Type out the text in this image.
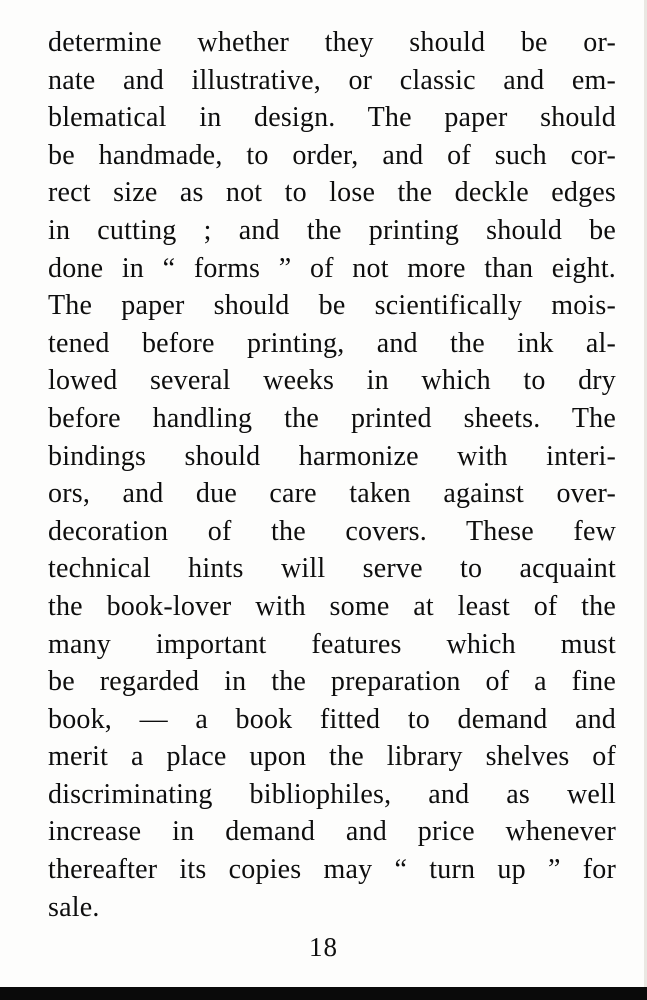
determine whether they should be or-
nate and illustrative, or classic and em-
blematical in design. The paper should
be handmade, to order, and of such cor-
rect size as not to lose the deckle edges
in cutting ; and the printing should be
done in “ forms ” of not more than eight.
The paper should be scientifically mois-
tened before printing, and the ink al-
lowed several weeks in which to dry
before handling the printed sheets. The
bindings should harmonize with interi-
ors, and due care taken against over-
decoration of the covers. These few
technical hints will serve to acquaint
the book-lover with some at least of the
many important features which must
be regarded in the preparation of a fine
book, — a book fitted to demand and
merit a place upon the library shelves of
discriminating bibliophiles, and as well
increase in demand and price whenever
thereafter its copies may “ turn up ” for
sale.
18
